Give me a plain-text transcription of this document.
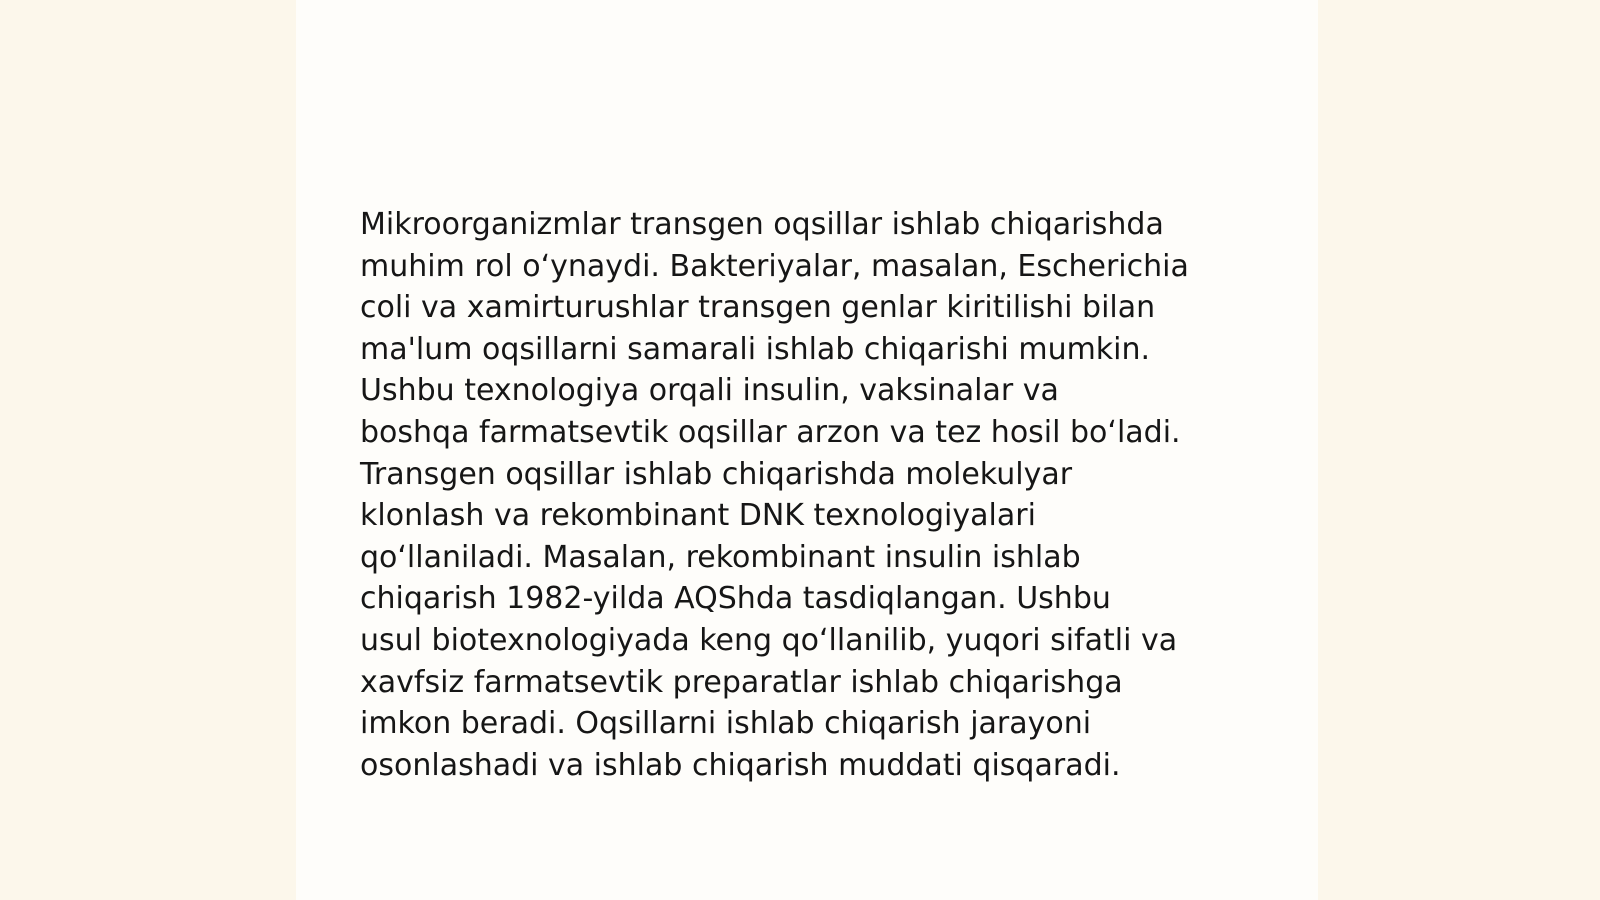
Mikroorganizmlar transgen oqsillar ishlab chiqarishda
muhim rol o‘ynaydi. Bakteriyalar, masalan, Escherichia
coli va xamirturushlar transgen genlar kiritilishi bilan
ma'lum oqsillarni samarali ishlab chiqarishi mumkin.
Ushbu texnologiya orqali insulin, vaksinalar va
boshqa farmatsevtik oqsillar arzon va tez hosil bo‘ladi.
Transgen oqsillar ishlab chiqarishda molekulyar
klonlash va rekombinant DNK texnologiyalari
qo‘llaniladi. Masalan, rekombinant insulin ishlab
chiqarish 1982-yilda AQShda tasdiqlangan. Ushbu
usul biotexnologiyada keng qo‘llanilib, yuqori sifatli va
xavfsiz farmatsevtik preparatlar ishlab chiqarishga
imkon beradi. Oqsillarni ishlab chiqarish jarayoni
osonlashadi va ishlab chiqarish muddati qisqaradi.
